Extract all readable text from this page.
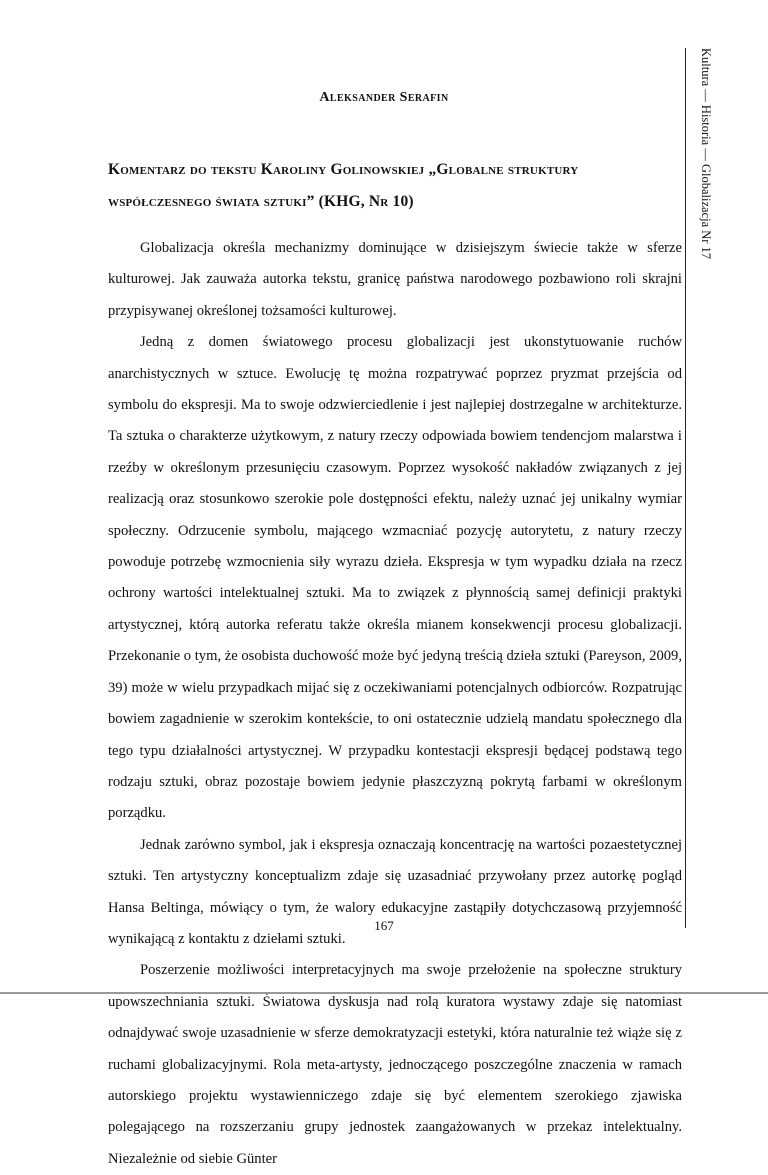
Aleksander Serafin
Komentarz do tekstu Karoliny Golinowskiej „Globalne struktury współczesnego świata sztuki” (KHG, Nr 10)

Globalizacja określa mechanizmy dominujące w dzisiejszym świecie także w sferze kulturowej. Jak zauważa autorka tekstu, granicę państwa narodowego pozbawiono roli skrajni przypisywanej określonej tożsamości kulturowej.

Jedną z domen światowego procesu globalizacji jest ukonstytuowanie ruchów anarchistycznych w sztuce. Ewolucję tę można rozpatrywać poprzez pryzmat przejścia od symbolu do ekspresji. Ma to swoje odzwierciedlenie i jest najlepiej dostrzegalne w architekturze. Ta sztuka o charakterze użytkowym, z natury rzeczy odpowiada bowiem tendencjom malarstwa i rzeźby w określonym przesunięciu czasowym. Poprzez wysokość nakładów związanych z jej realizacją oraz stosunkowo szerokie pole dostępności efektu, należy uznać jej unikalny wymiar społeczny. Odrzucenie symbolu, mającego wzmacniać pozycję autorytetu, z natury rzeczy powoduje potrzebę wzmocnienia siły wyrazu dzieła. Ekspresja w tym wypadku działa na rzecz ochrony wartości intelektualnej sztuki. Ma to związek z płynnością samej definicji praktyki artystycznej, którą autorka referatu także określa mianem konsekwencji procesu globalizacji. Przekonanie o tym, że osobista duchowość może być jedyną treścią dzieła sztuki (Pareyson, 2009, 39) może w wielu przypadkach mijać się z oczekiwaniami potencjalnych odbiorców. Rozpatrując bowiem zagadnienie w szerokim kontekście, to oni ostatecznie udzielą mandatu społecznego dla tego typu działalności artystycznej. W przypadku kontestacji ekspresji będącej podstawą tego rodzaju sztuki, obraz pozostaje bowiem jedynie płaszczyzną pokrytą farbami w określonym porządku.

Jednak zarówno symbol, jak i ekspresja oznaczają koncentrację na wartości pozaestetycznej sztuki. Ten artystyczny konceptualizm zdaje się uzasadniać przywołany przez autorkę pogląd Hansa Beltinga, mówiący o tym, że walory edukacyjne zastąpiły dotychczasową przyjemność wynikającą z kontaktu z dziełami sztuki.

Poszerzenie możliwości interpretacyjnych ma swoje przełożenie na społeczne struktury upowszechniania sztuki. Światowa dyskusja nad rolą kuratora wystawy zdaje się natomiast odnajdywać swoje uzasadnienie w sferze demokratyzacji estetyki, która naturalnie też wiąże się z ruchami globalizacyjnymi. Rola meta-artysty, jednoczącego poszczególne znaczenia w ramach autorskiego projektu wystawienniczego zdaje się być elementem szerokiego zjawiska polegającego na rozszerzaniu grupy jednostek zaangażowanych w przekaz intelektualny. Niezależnie od siebie Günter

Kultura — Historia — Globalizacja Nr 17
167
